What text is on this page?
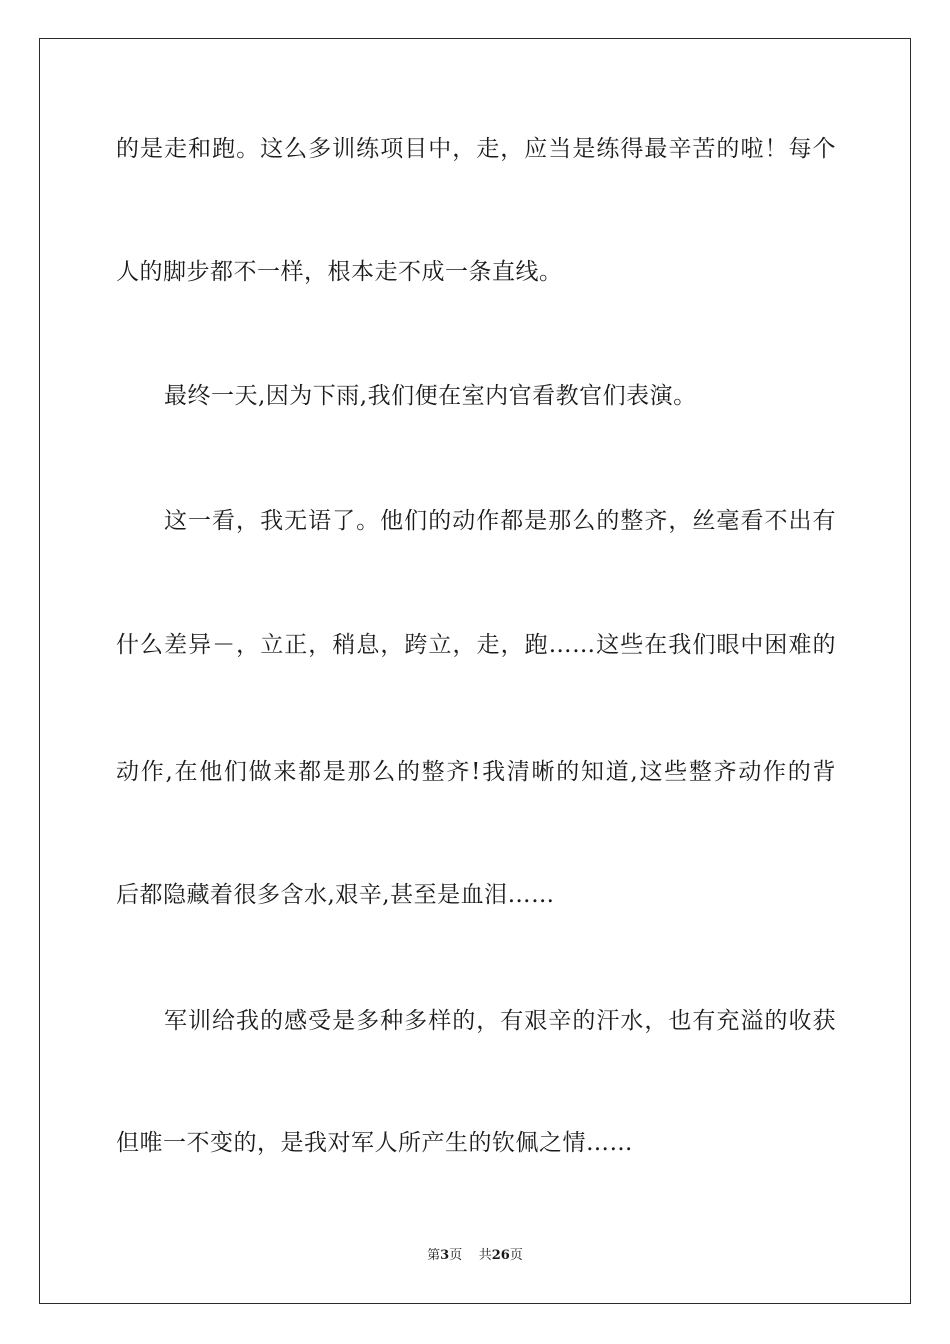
的是走和跑。这么多训练项目中，走，应当是练得最辛苦的啦！每个
人的脚步都不一样，根本走不成一条直线。
最终一天,因为下雨,我们便在室内官看教官们表演。
这一看，我无语了。他们的动作都是那么的整齐，丝毫看不出有
什么差异－，立正，稍息，跨立，走，跑……这些在我们眼中困难的
动作,在他们做来都是那么的整齐!我清晰的知道,这些整齐动作的背
后都隐藏着很多含水,艰辛,甚至是血泪……
军训给我的感受是多种多样的，有艰辛的汗水，也有充溢的收获
但唯一不变的，是我对军人所产生的钦佩之情……
第3页 共26页
